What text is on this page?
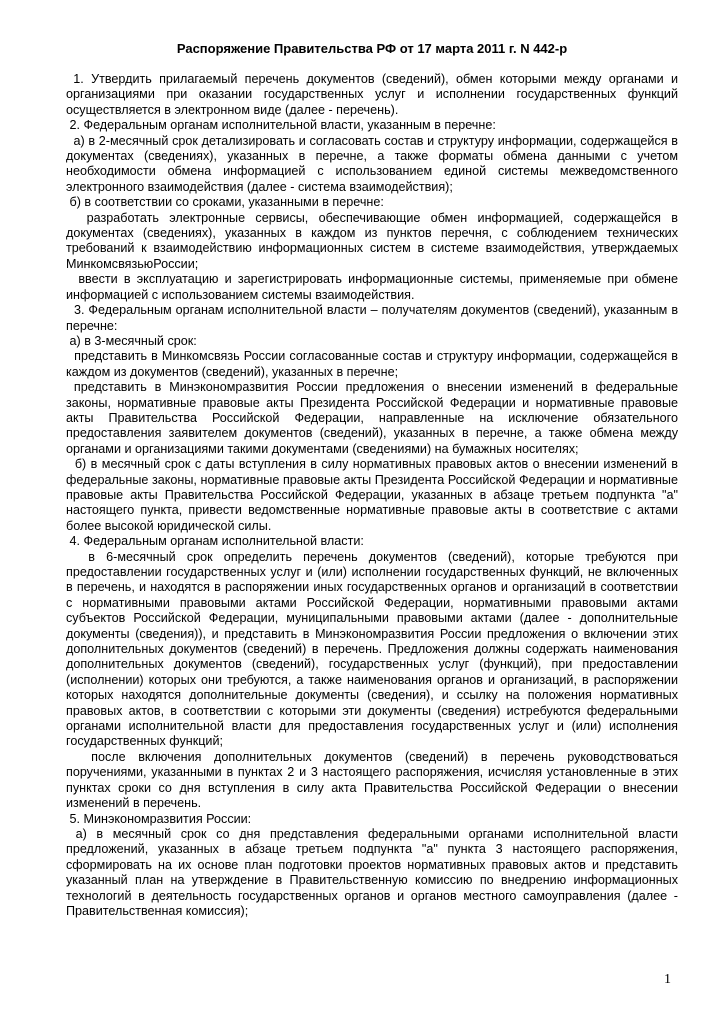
Распоряжение Правительства РФ от 17 марта 2011 г. N 442-р

1. Утвердить прилагаемый перечень документов (сведений), обмен которыми между органами и организациями при оказании государственных услуг и исполнении государственных функций осуществляется в электронном виде (далее - перечень).

2. Федеральным органам исполнительной власти, указанным в перечне:

а) в 2-месячный срок детализировать и согласовать состав и структуру информации, содержащейся в документах (сведениях), указанных в перечне, а также форматы обмена данными с учетом необходимости обмена информацией с использованием единой системы межведомственного электронного взаимодействия (далее - система взаимодействия);

б) в соответствии со сроками, указанными в перечне:

разработать электронные сервисы, обеспечивающие обмен информацией, содержащейся в документах (сведениях), указанных в каждом из пунктов перечня, с соблюдением технических требований к взаимодействию информационных систем в системе взаимодействия, утверждаемых МинкомсвязьюРоссии;

ввести в эксплуатацию и зарегистрировать информационные системы, применяемые при обмене информацией с использованием системы взаимодействия.

3. Федеральным органам исполнительной власти – получателям документов (сведений), указанным в перечне:

а) в 3-месячный срок:

представить в Минкомсвязь России согласованные состав и структуру информации, содержащейся в каждом из документов (сведений), указанных в перечне;

представить в Минэкономразвития России предложения о внесении изменений в федеральные законы, нормативные правовые акты Президента Российской Федерации и нормативные правовые акты Правительства Российской Федерации, направленные на исключение обязательного предоставления заявителем документов (сведений), указанных в перечне, а также обмена между органами и организациями такими документами (сведениями) на бумажных носителях;

б) в месячный срок с даты вступления в силу нормативных правовых актов о внесении изменений в федеральные законы, нормативные правовые акты Президента Российской Федерации и нормативные правовые акты Правительства Российской Федерации, указанных в абзаце третьем подпункта "а" настоящего пункта, привести ведомственные нормативные правовые акты в соответствие с актами более высокой юридической силы.

4. Федеральным органам исполнительной власти:

в 6-месячный срок определить перечень документов (сведений), которые требуются при предоставлении государственных услуг и (или) исполнении государственных функций, не включенных в перечень, и находятся в распоряжении иных государственных органов и организаций в соответствии с нормативными правовыми актами Российской Федерации, нормативными правовыми актами субъектов Российской Федерации, муниципальными правовыми актами (далее - дополнительные документы (сведения)), и представить в Минэкономразвития России предложения о включении этих дополнительных документов (сведений) в перечень. Предложения должны содержать наименования дополнительных документов (сведений), государственных услуг (функций), при предоставлении (исполнении) которых они требуются, а также наименования органов и организаций, в распоряжении которых находятся дополнительные документы (сведения), и ссылку на положения нормативных правовых актов, в соответствии с которыми эти документы (сведения) истребуются федеральными органами исполнительной власти для предоставления государственных услуг и (или) исполнения государственных функций;

после включения дополнительных документов (сведений) в перечень руководствоваться поручениями, указанными в пунктах 2 и 3 настоящего распоряжения, исчисляя установленные в этих пунктах сроки со дня вступления в силу акта Правительства Российской Федерации о внесении изменений в перечень.

5. Минэкономразвития России:

а) в месячный срок со дня представления федеральными органами исполнительной власти предложений, указанных в абзаце третьем подпункта "а" пункта 3 настоящего распоряжения, сформировать на их основе план подготовки проектов нормативных правовых актов и представить указанный план на утверждение в Правительственную комиссию по внедрению информационных технологий в деятельность государственных органов и органов местного самоуправления (далее - Правительственная комиссия);

1
